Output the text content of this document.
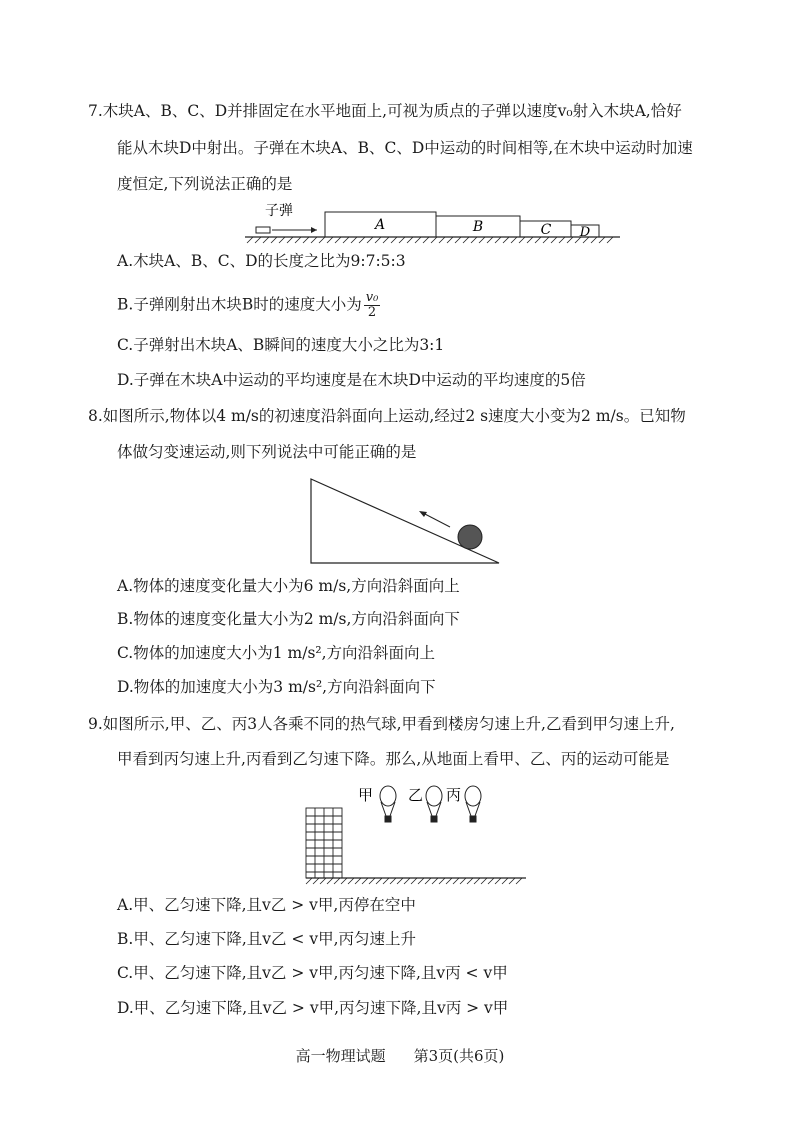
7.木块A、B、C、D并排固定在水平地面上,可视为质点的子弹以速度v₀射入木块A,恰好
能从木块D中射出。子弹在木块A、B、C、D中运动的时间相等,在木块中运动时加速
度恒定,下列说法正确的是
子弹
A	B	C D
A.木块A、B、C、D的长度之比为9:7:5:3
B.子弹刚射出木块B时的速度大小为 $\frac{\text{v₀}}{2}$
C.子弹射出木块A、B瞬间的速度大小之比为3:1
D.子弹在木块A中运动的平均速度是在木块D中运动的平均速度的5倍
8.如图所示,物体以4 m/s的初速度沿斜面向上运动,经过2 s速度大小变为2 m/s。已知物
体做匀变速运动,则下列说法中可能正确的是
A.物体的速度变化量大小为6 m/s,方向沿斜面向上
B.物体的速度变化量大小为2 m/s,方向沿斜面向下
C.物体的加速度大小为1 m/s²,方向沿斜面向上
D.物体的加速度大小为3 m/s²,方向沿斜面向下
9.如图所示,甲、乙、丙3人各乘不同的热气球,甲看到楼房匀速上升,乙看到甲匀速上升,
甲看到丙匀速上升,丙看到乙匀速下降。那么,从地面上看甲、乙、丙的运动可能是
甲 乙 丙
A.甲、乙匀速下降,且v乙 > v甲,丙停在空中
B.甲、乙匀速下降,且v乙 < v甲,丙匀速上升
C.甲、乙匀速下降,且v乙 > v甲,丙匀速下降,且v丙 < v甲
D.甲、乙匀速下降,且v乙 > v甲,丙匀速下降,且v丙 > v甲
高一物理试题 第3页(共6页)
